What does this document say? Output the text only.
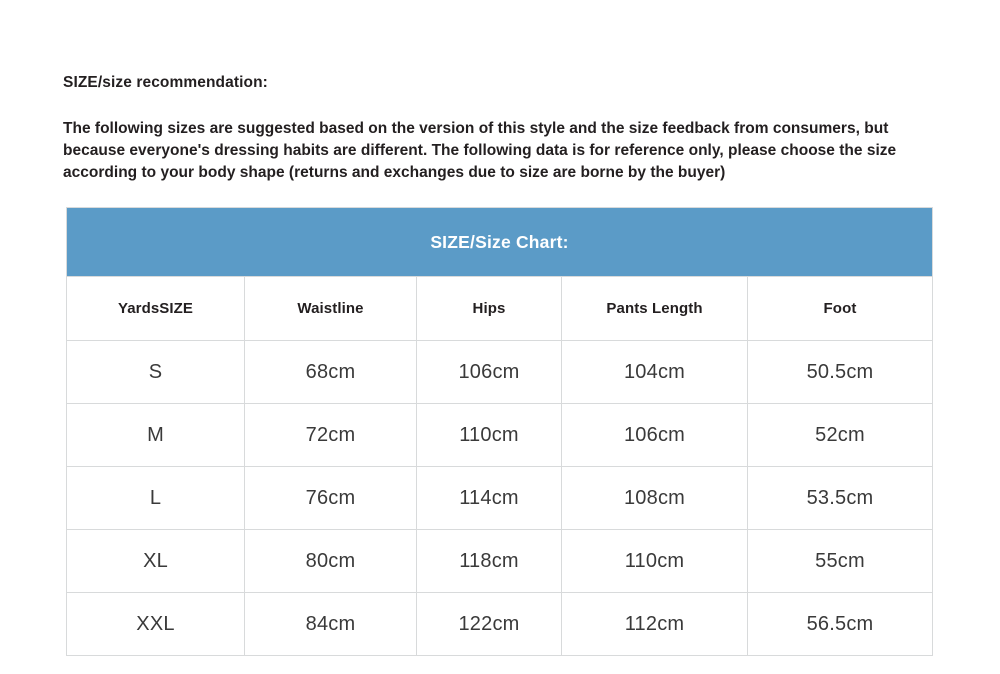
SIZE/size recommendation:

The following sizes are suggested based on the version of this style and the size feedback from consumers, but because everyone's dressing habits are different. The following data is for reference only, please choose the size according to your body shape (returns and exchanges due to size are borne by the buyer)

SIZE/Size Chart:				
YardsSIZE	Waistline	Hips	Pants Length	Foot
S	68cm	106cm	104cm	50.5cm
M	72cm	110cm	106cm	52cm
L	76cm	114cm	108cm	53.5cm
XL	80cm	118cm	110cm	55cm
XXL	84cm	122cm	112cm	56.5cm
